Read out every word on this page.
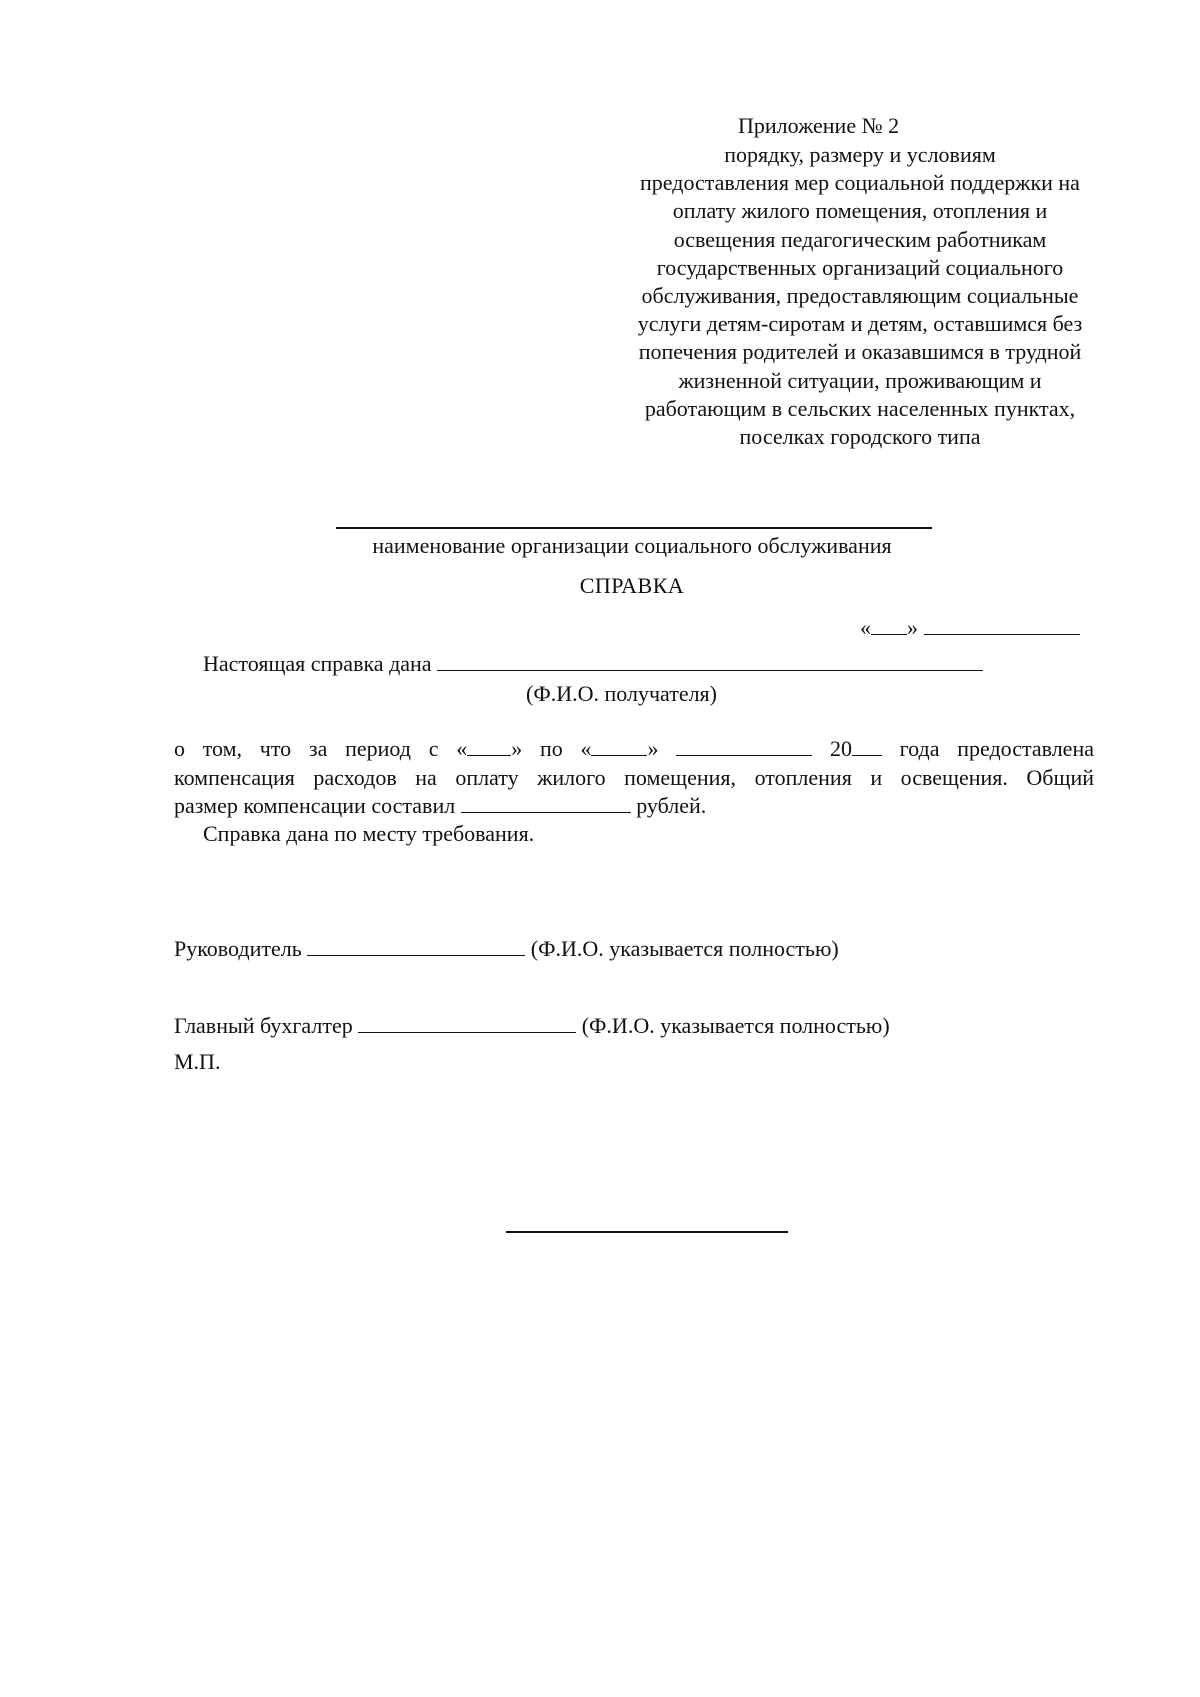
Приложение № 2
порядку, размеру и условиям
предоставления мер социальной поддержки на
оплату жилого помещения, отопления и
освещения педагогическим работникам
государственных организаций социального
обслуживания, предоставляющим социальные
услуги детям-сиротам и детям, оставшимся без
попечения родителей и оказавшимся в трудной
жизненной ситуации, проживающим и
работающим в сельских населенных пунктах,
поселках городского типа
наименование организации социального обслуживания
СПРАВКА
« »
Настоящая справка дана
(Ф.И.О. получателя)
о том, что за период с « » по «	»	20 года предоставлена
компенсация расходов на оплату жилого помещения, отопления и освещения. Общий
размер компенсации составил	рублей.
Справка дана по месту требования.
Руководитель	(Ф.И.О. указывается полностью)
Главный бухгалтер	(Ф.И.О. указывается полностью)
М.П.
